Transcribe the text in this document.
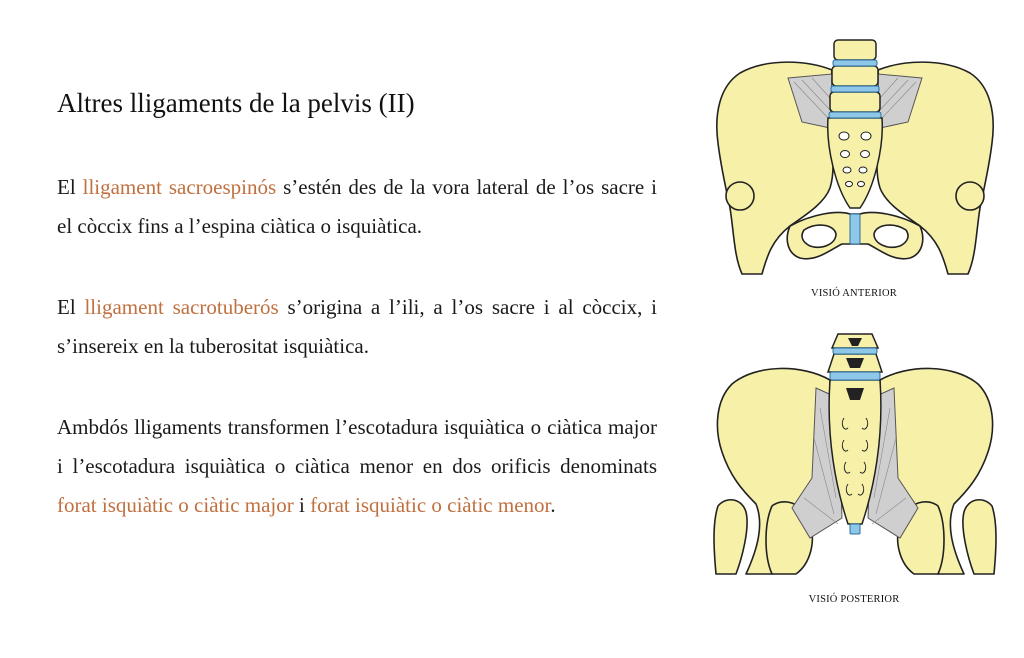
Altres lligaments de la pelvis (II)

El lligament sacroespinós s’estén des de la vora lateral de l’os sacre i el còccix fins a l’espina ciàtica o isquiàtica.

El lligament sacrotuberós s’origina a l’ili, a l’os sacre i al còccix, i s’insereix en la tuberositat isquiàtica.

Ambdós lligaments transformen l’escotadura isquiàtica o ciàtica major i l’escotadura isquiàtica o ciàtica menor en dos orificis denominats forat isquiàtic o ciàtic major i forat isquiàtic o ciàtic menor.

VISIÓ ANTERIOR
VISIÓ POSTERIOR
